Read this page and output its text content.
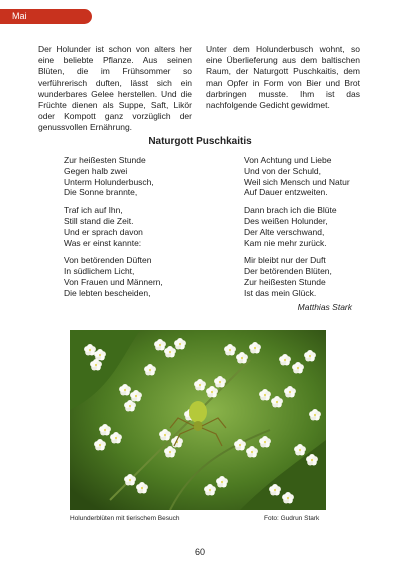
Mai

Der Holunder ist schon von alters her eine beliebte Pflanze. Aus seinen Blüten, die im Frühsommer so verführerisch duften, lässt sich ein wunderbares Gelee herstellen. Und die Früchte dienen als Suppe, Saft, Likör oder Kompott ganz vorzüglich der genussvollen Ernährung.

Unter dem Holunderbusch wohnt, so eine Überlieferung aus dem baltischen Raum, der Naturgott Puschkaitis, dem man Opfer in Form von Bier und Brot darbringen musste. Ihm ist das nachfolgende Gedicht gewidmet.

Naturgott Puschkaitis
Zur heißesten Stunde
Gegen halb zwei
Unterm Holunderbusch,
Die Sonne brannte,
Traf ich auf Ihn,
Still stand die Zeit.
Und er sprach davon
Was er einst kannte:
Von betörenden Düften
In südlichem Licht,
Von Frauen und Männern,
Die lebten bescheiden,
Von Achtung und Liebe
Und von der Schuld,
Weil sich Mensch und Natur
Auf Dauer entzweiten.
Dann brach ich die Blüte
Des weißen Holunder,
Der Alte verschwand,
Kam nie mehr zurück.
Mir bleibt nur der Duft
Der betörenden Blüten,
Zur heißesten Stunde
Ist das mein Glück.
Matthias Stark
Holunderblüten mit tierischem Besuch	Foto: Gudrun Stark
60
